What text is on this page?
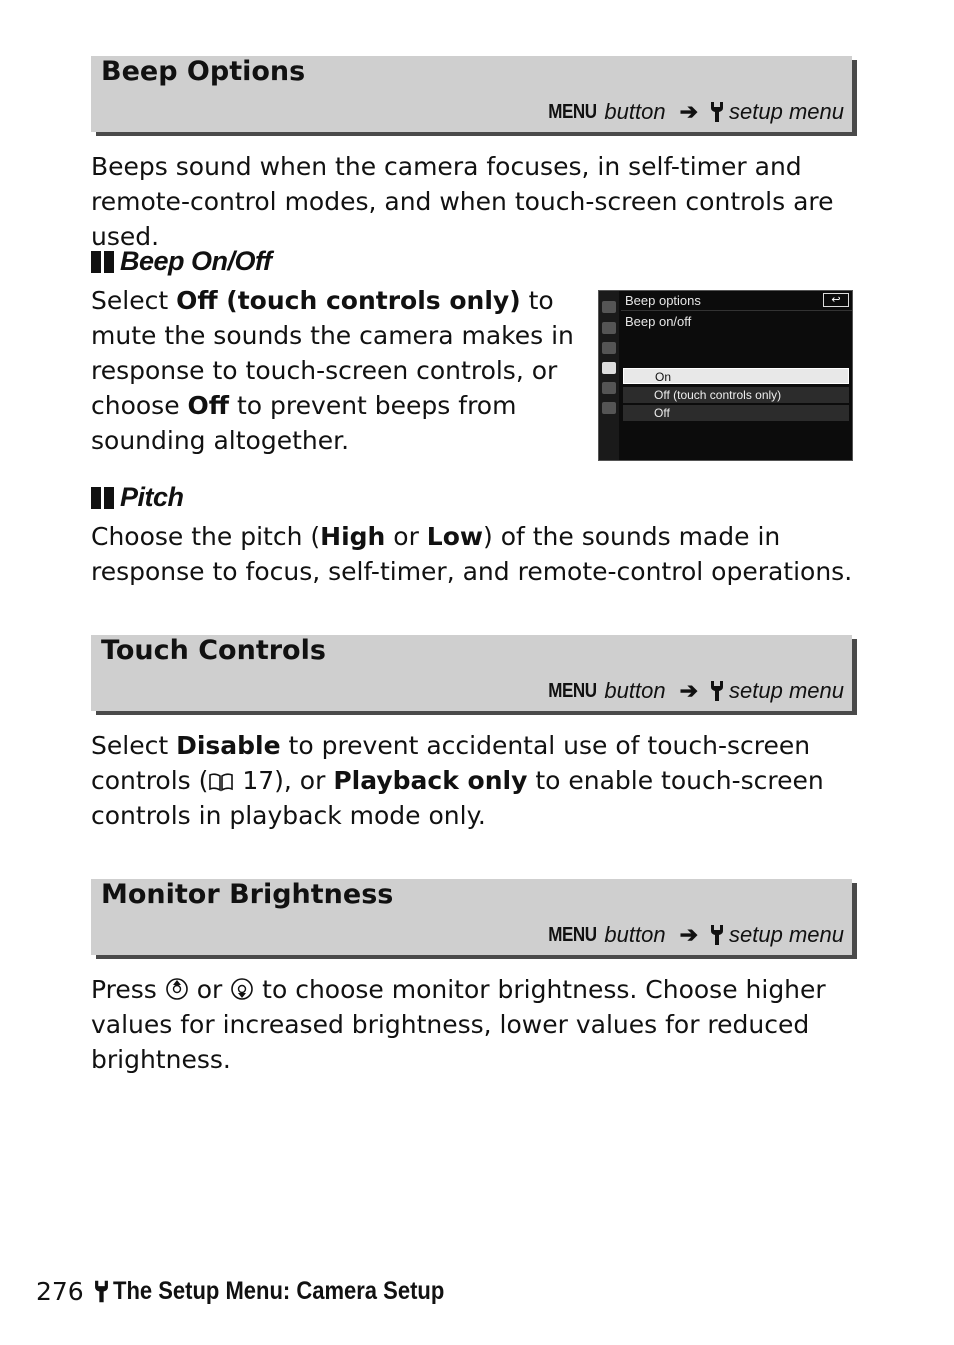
Beep Options
MENU button ➔ setup menu

Beeps sound when the camera focuses, in self-timer and remote-control modes, and when touch-screen controls are used.

Beep On/Off

Select Off (touch controls only) to mute the sounds the camera makes in response to touch-screen controls, or choose Off to prevent beeps from sounding altogether.

Beep options	↩
Beep on/off
On
Off (touch controls only)
Off
Pitch

Choose the pitch (High or Low) of the sounds made in response to focus, self-timer, and remote-control operations.

Touch Controls
MENU button ➔ setup menu

Select Disable to prevent accidental use of touch-screen controls ( 17), or Playback only to enable touch-screen controls in playback mode only.

Monitor Brightness
MENU button ➔ setup menu

Press  or  to choose monitor brightness. Choose higher values for increased brightness, lower values for reduced brightness.

276 The Setup Menu: Camera Setup
